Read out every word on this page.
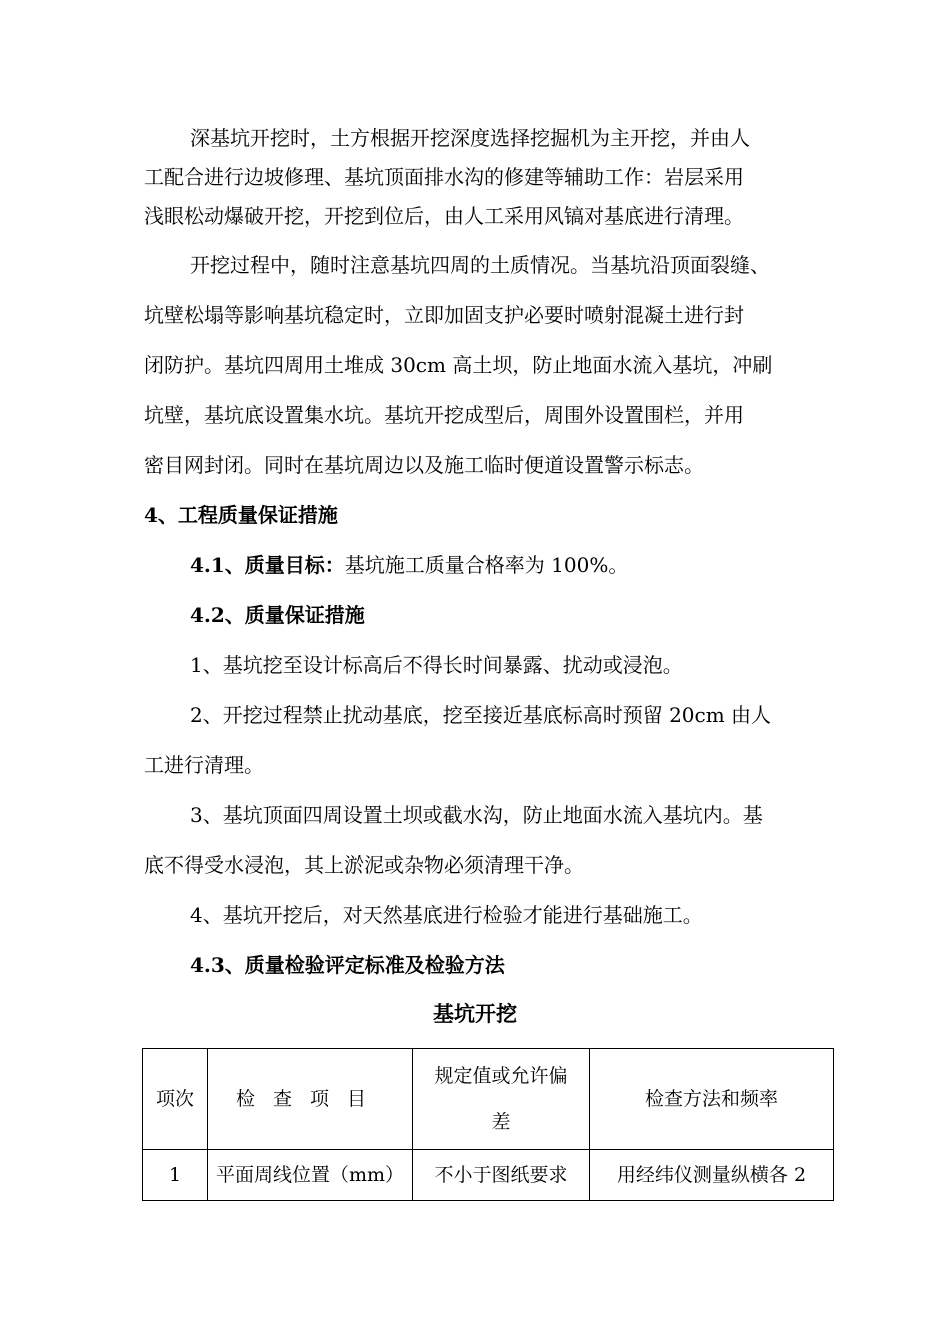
深基坑开挖时，土方根据开挖深度选择挖掘机为主开挖，并由人
工配合进行边坡修理、基坑顶面排水沟的修建等辅助工作：岩层采用
浅眼松动爆破开挖，开挖到位后，由人工采用风镐对基底进行清理。
开挖过程中，随时注意基坑四周的土质情况。当基坑沿顶面裂缝、
坑壁松塌等影响基坑稳定时，立即加固支护必要时喷射混凝土进行封
闭防护。基坑四周用土堆成 30cm 高土坝，防止地面水流入基坑，冲刷
坑壁，基坑底设置集水坑。基坑开挖成型后，周围外设置围栏，并用
密目网封闭。同时在基坑周边以及施工临时便道设置警示标志。
4、工程质量保证措施
4.1、质量目标：基坑施工质量合格率为 100%。
4.2、质量保证措施
1、基坑挖至设计标高后不得长时间暴露、扰动或浸泡。
2、开挖过程禁止扰动基底，挖至接近基底标高时预留 20cm 由人
工进行清理。
3、基坑顶面四周设置土坝或截水沟，防止地面水流入基坑内。基
底不得受水浸泡，其上淤泥或杂物必须清理干净。
4、基坑开挖后，对天然基底进行检验才能进行基础施工。
4.3、质量检验评定标准及检验方法
基坑开挖
项次	检查项目	规定值或允许偏
差	检查方法和频率
1	平面周线位置（mm）	不小于图纸要求	用经纬仪测量纵横各 2
